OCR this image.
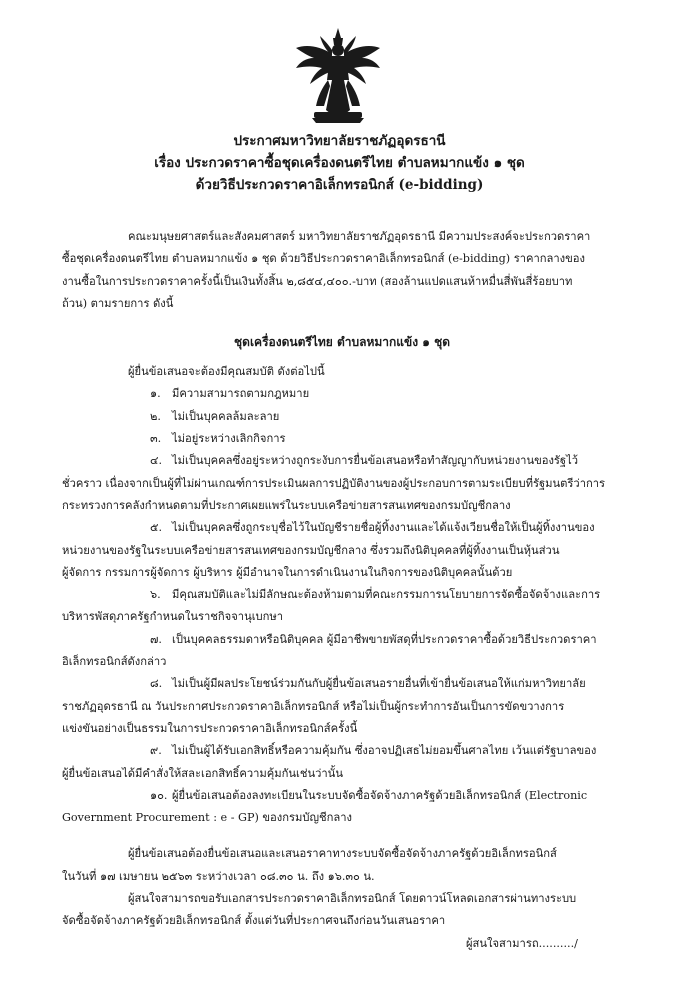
ประกาศมหาวิทยาลัยราชภัฏอุดรธานี
เรื่อง ประกวดราคาซื้อชุดเครื่องดนตรีไทย ตำบลหมากแข้ง ๑ ชุด
ด้วยวิธีประกวดราคาอิเล็กทรอนิกส์ (e-bidding)
คณะมนุษยศาสตร์และสังคมศาสตร์ มหาวิทยาลัยราชภัฏอุดรธานี มีความประสงค์จะประกวดราคา
ซื้อชุดเครื่องดนตรีไทย ตำบลหมากแข้ง ๑ ชุด ด้วยวิธีประกวดราคาอิเล็กทรอนิกส์ (e-bidding) ราคากลางของ
งานซื้อในการประกวดราคาครั้งนี้เป็นเงินทั้งสิ้น ๒,๘๕๔,๔๐๐.-บาท (สองล้านแปดแสนห้าหมื่นสี่พันสี่ร้อยบาท
ถ้วน) ตามรายการ ดังนี้
ชุดเครื่องดนตรีไทย ตำบลหมากแข้ง ๑ ชุด
ผู้ยื่นข้อเสนอจะต้องมีคุณสมบัติ ดังต่อไปนี้
๑. มีความสามารถตามกฎหมาย
๒. ไม่เป็นบุคคลล้มละลาย
๓. ไม่อยู่ระหว่างเลิกกิจการ
๔. ไม่เป็นบุคคลซึ่งอยู่ระหว่างถูกระงับการยื่นข้อเสนอหรือทำสัญญากับหน่วยงานของรัฐไว้
ชั่วคราว เนื่องจากเป็นผู้ที่ไม่ผ่านเกณฑ์การประเมินผลการปฏิบัติงานของผู้ประกอบการตามระเบียบที่รัฐมนตรีว่าการ
กระทรวงการคลังกำหนดตามที่ประกาศเผยแพร่ในระบบเครือข่ายสารสนเทศของกรมบัญชีกลาง
๕. ไม่เป็นบุคคลซึ่งถูกระบุชื่อไว้ในบัญชีรายชื่อผู้ทิ้งงานและได้แจ้งเวียนชื่อให้เป็นผู้ทิ้งงานของ
หน่วยงานของรัฐในระบบเครือข่ายสารสนเทศของกรมบัญชีกลาง ซึ่งรวมถึงนิติบุคคลที่ผู้ทิ้งงานเป็นหุ้นส่วน
ผู้จัดการ กรรมการผู้จัดการ ผู้บริหาร ผู้มีอำนาจในการดำเนินงานในกิจการของนิติบุคคลนั้นด้วย
๖. มีคุณสมบัติและไม่มีลักษณะต้องห้ามตามที่คณะกรรมการนโยบายการจัดซื้อจัดจ้างและการ
บริหารพัสดุภาครัฐกำหนดในราชกิจจานุเบกษา
๗. เป็นบุคคลธรรมดาหรือนิติบุคคล ผู้มีอาชีพขายพัสดุที่ประกวดราคาซื้อด้วยวิธีประกวดราคา
อิเล็กทรอนิกส์ดังกล่าว
๘. ไม่เป็นผู้มีผลประโยชน์ร่วมกันกับผู้ยื่นข้อเสนอรายอื่นที่เข้ายื่นข้อเสนอให้แก่มหาวิทยาลัย
ราชภัฏอุดรธานี ณ วันประกาศประกวดราคาอิเล็กทรอนิกส์ หรือไม่เป็นผู้กระทำการอันเป็นการขัดขวางการ
แข่งขันอย่างเป็นธรรมในการประกวดราคาอิเล็กทรอนิกส์ครั้งนี้
๙. ไม่เป็นผู้ได้รับเอกสิทธิ์หรือความคุ้มกัน ซึ่งอาจปฏิเสธไม่ยอมขึ้นศาลไทย เว้นแต่รัฐบาลของ
ผู้ยื่นข้อเสนอได้มีคำสั่งให้สละเอกสิทธิ์ความคุ้มกันเช่นว่านั้น
๑๐. ผู้ยื่นข้อเสนอต้องลงทะเบียนในระบบจัดซื้อจัดจ้างภาครัฐด้วยอิเล็กทรอนิกส์ (Electronic
Government Procurement : e - GP) ของกรมบัญชีกลาง
ผู้ยื่นข้อเสนอต้องยื่นข้อเสนอและเสนอราคาทางระบบจัดซื้อจัดจ้างภาครัฐด้วยอิเล็กทรอนิกส์
ในวันที่ ๑๗ เมษายน ๒๕๖๓ ระหว่างเวลา ๐๘.๓๐ น. ถึง ๑๖.๓๐ น.
ผู้สนใจสามารถขอรับเอกสารประกวดราคาอิเล็กทรอนิกส์ โดยดาวน์โหลดเอกสารผ่านทางระบบ
จัดซื้อจัดจ้างภาครัฐด้วยอิเล็กทรอนิกส์ ตั้งแต่วันที่ประกาศจนถึงก่อนวันเสนอราคา
ผู้สนใจสามารถ........../
